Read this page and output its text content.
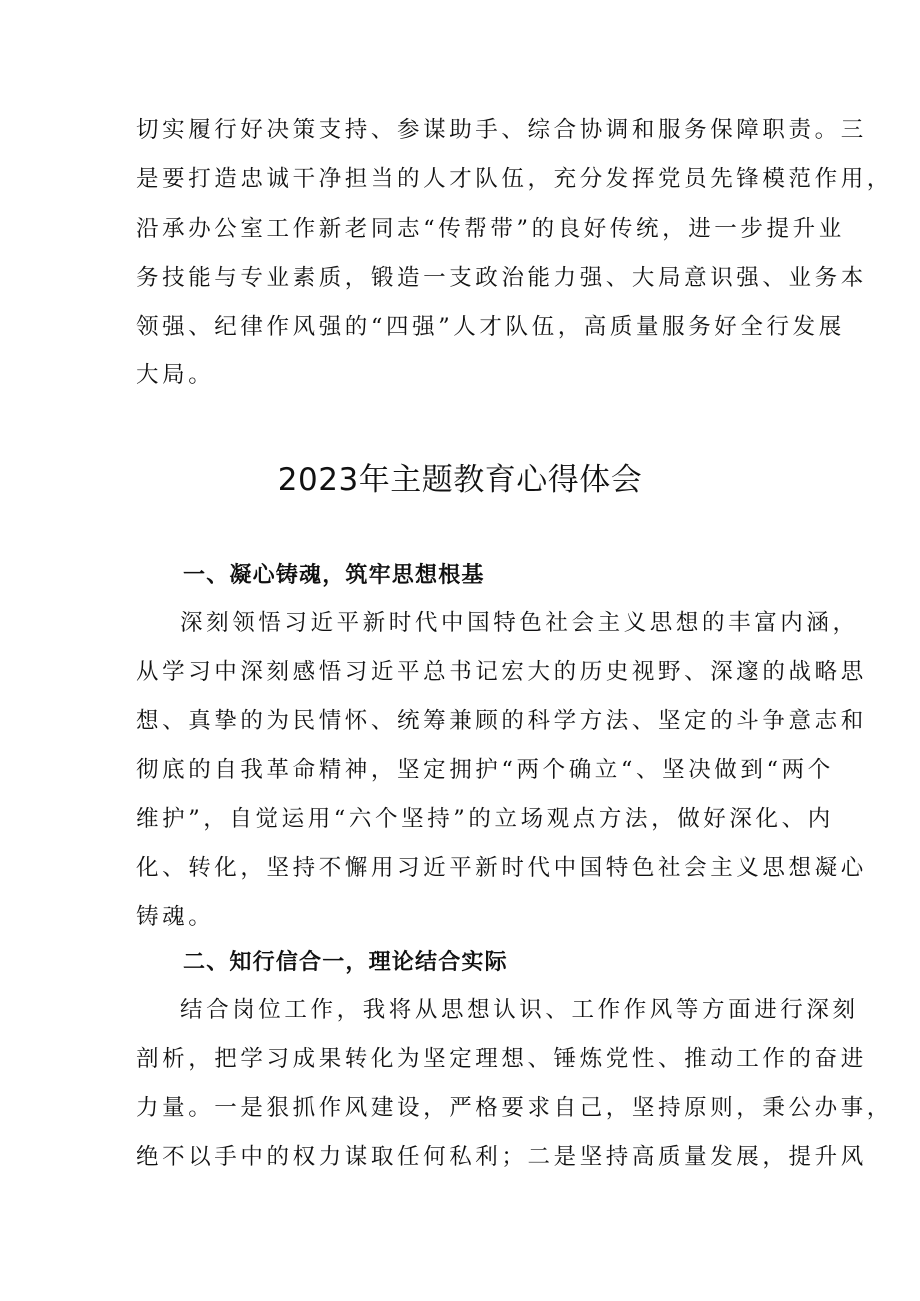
切实履行好决策支持、参谋助手、综合协调和服务保障职责。三
是要打造忠诚干净担当的人才队伍，充分发挥党员先锋模范作用，
沿承办公室工作新老同志“传帮带”的良好传统，进一步提升业
务技能与专业素质，锻造一支政治能力强、大局意识强、业务本
领强、纪律作风强的“四强”人才队伍，高质量服务好全行发展
大局。
2023年主题教育心得体会
一、凝心铸魂，筑牢思想根基
深刻领悟习近平新时代中国特色社会主义思想的丰富内涵，
从学习中深刻感悟习近平总书记宏大的历史视野、深邃的战略思
想、真挚的为民情怀、统筹兼顾的科学方法、坚定的斗争意志和
彻底的自我革命精神，坚定拥护“两个确立“、坚决做到“两个
维护”，自觉运用“六个坚持”的立场观点方法，做好深化、内
化、转化，坚持不懈用习近平新时代中国特色社会主义思想凝心
铸魂。
二、知行信合一，理论结合实际
结合岗位工作，我将从思想认识、工作作风等方面进行深刻
剖析，把学习成果转化为坚定理想、锤炼党性、推动工作的奋进
力量。一是狠抓作风建设，严格要求自己，坚持原则，秉公办事，
绝不以手中的权力谋取任何私利；二是坚持高质量发展，提升风
